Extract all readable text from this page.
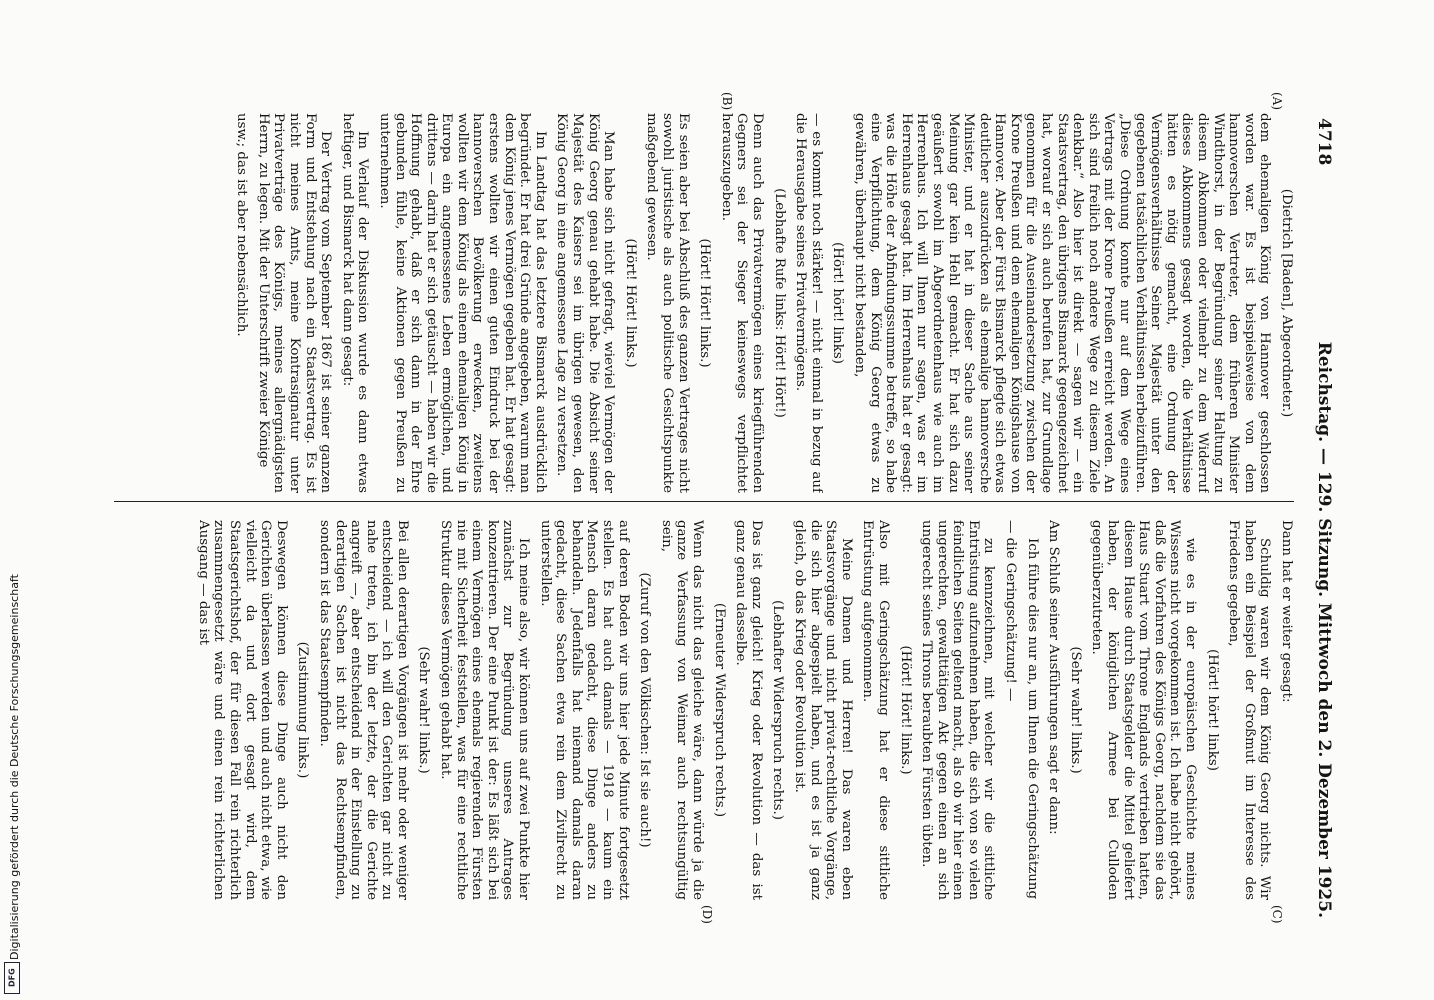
4718
Reichstag. — 129. Sitzung. Mittwoch den 2. Dezember 1925.
(A)
(B)
(C)
(D)

(Dietrich [Baden], Abgeordneter.)

dem ehemaligen König von Hannover geschlossen worden war. Es ist beispielsweise von dem hannoverschen Vertreter, dem früheren Minister Windthorst, in der Begründung seiner Haltung zu diesem Abkommen oder vielmehr zu dem Widerruf dieses Abkommens gesagt worden, die Verhältnisse hätten es nötig gemacht, eine Ordnung der Vermögensverhältnisse Seiner Majestät unter den gegebenen tatsächlichen Verhältnissen herbeizuführen. „Diese Ordnung konnte nur auf dem Wege eines Vertrags mit der Krone Preußen erreicht werden. An sich sind freilich noch andere Wege zu diesem Ziele denkbar.“ Also hier ist direkt — sagen wir — ein Staatsvertrag, den übrigens Bismarck gegengezeichnet hat, worauf er sich auch berufen hat, zur Grundlage genommen für die Auseinandersetzung zwischen der Krone Preußen und dem ehemaligen Königshause von Hannover. Aber der Fürst Bismarck pflegte sich etwas deutlicher auszudrücken als ehemalige hannoversche Minister, und er hat in dieser Sache aus seiner Meinung gar kein Hehl gemacht. Er hat sich dazu geäußert sowohl im Abgeordnetenhaus wie auch im Herrenhaus. Ich will Ihnen nur sagen, was er im Herrenhaus gesagt hat. Im Herrenhaus hat er gesagt: was die Höhe der Abfindungssumme betreffe, so habe eine Verpflichtung, dem König Georg etwas zu gewähren, überhaupt nicht bestanden,

(Hört! hört! links)

— es kommt noch stärker! — nicht einmal in bezug auf die Herausgabe seines Privatvermögens.

(Lebhafte Rufe links: Hört! Hört!)

Denn auch das Privatvermögen eines kriegführenden Gegners sei der Sieger keineswegs verpflichtet herauszugeben.

(Hört! Hört! links.)

Es seien aber bei Abschluß des ganzen Vertrages nicht sowohl juristische als auch politische Gesichtspunkte maßgebend gewesen.

(Hört! Hört! links.)

Man habe sich nicht gefragt, wieviel Vermögen der König Georg genau gehabt habe. Die Absicht seiner Majestät des Kaisers sei im übrigen gewesen, den König Georg in eine angemessene Lage zu versetzen.

Im Landtag hat das letztere Bismarck ausdrücklich begründet. Er hat drei Gründe angegeben, warum man dem König jenes Vermögen gegeben hat. Er hat gesagt: erstens wollten wir einen guten Eindruck bei der hannoverschen Bevölkerung erwecken, zweitens wollten wir dem König als einem ehemaligen König in Europa ein angemessenes Leben ermöglichen, und drittens — darin hat er sich getäuscht — haben wir die Hoffnung gehabt, daß er sich dann in der Ehre gebunden fühle, keine Aktionen gegen Preußen zu unternehmen.

Im Verlauf der Diskussion wurde es dann etwas heftiger, und Bismarck hat dann gesagt:

Der Vertrag vom September 1867 ist seiner ganzen Form und Entstehung nach ein Staatsvertrag. Es ist nicht meines Amts, meine Kontrasignatur unter Privatverträge des Königs, meines allergnädigsten Herrn, zu legen. Mit der Unterschrift zweier Könige

usw.; das ist aber nebensächlich.

Dann hat er weiter gesagt:

Schuldig waren wir dem König Georg nichts. Wir haben ein Beispiel der Großmut im Interesse des Friedens gegeben,

(Hört! hört! links)

wie es in der europäischen Geschichte meines Wissens nicht vorgekommen ist. Ich habe nicht gehört, daß die Vorfahren des Königs Georg, nachdem sie das Haus Stuart vom Throne Englands vertrieben hatten, diesem Hause durch Staatsgelder die Mittel geliefert haben, der königlichen Armee bei Culloden gegenüberzutreten.

(Sehr wahr! links.)

Am Schluß seiner Ausführungen sagt er dann:

Ich führe dies nur an, um Ihnen die Geringschätzung

— die Geringschätzung! —

zu kennzeichnen, mit welcher wir die sittliche Entrüstung aufzunehmen haben, die sich von so vielen feindlichen Seiten geltend macht, als ob wir hier einen ungerechten, gewalttätigen Akt gegen einen an sich ungerecht seines Throns beraubten Fürsten übten.

(Hört! Hört! links.)

Also mit Geringschätzung hat er diese sittliche Entrüstung aufgenommen.

Meine Damen und Herren! Das waren eben Staatsvorgänge und nicht privat-rechtliche Vorgänge, die sich hier abgespielt haben, und es ist ja ganz gleich, ob das Krieg oder Revolution ist.

(Lebhafter Widerspruch rechts.)

Das ist ganz gleich! Krieg oder Revolution — das ist ganz genau dasselbe.

(Erneuter Widerspruch rechts.)

Wenn das nicht das gleiche wäre, dann würde ja die ganze Verfassung von Weimar auch rechtsungültig sein,

(Zuruf von den Völkischen: Ist sie auch!)

auf deren Boden wir uns hier jede Minute fortgesetzt stellen. Es hat auch damals — 1918 — kaum ein Mensch daran gedacht, diese Dinge anders zu behandeln. Jedenfalls hat niemand damals daran gedacht, diese Sachen etwa rein dem Zivilrecht zu unterstellen.

Ich meine also, wir können uns auf zwei Punkte hier zunächst zur Begründung unseres Antrages konzentrieren. Der eine Punkt ist der: Es läßt sich bei einem Vermögen eines ehemals regierenden Fürsten nie mit Sicherheit feststellen, was für eine rechtliche Struktur dieses Vermögen gehabt hat.

(Sehr wahr! links.)

Bei allen derartigen Vorgängen ist mehr oder weniger entscheidend — ich will den Gerichten gar nicht zu nahe treten, ich bin der letzte, der die Gerichte angreift —, aber entscheidend in der Einstellung zu derartigen Sachen ist nicht das Rechtsempfinden, sondern ist das Staatsempfinden.

(Zustimmung links.)

Deswegen können diese Dinge auch nicht den Gerichten überlassen werden und auch nicht etwa, wie vielleicht da und dort gesagt wird, dem Staatsgerichtshof, der für diesen Fall rein richterlich zusammengesetzt wäre und einen rein richterlichen Ausgang — das ist

Digitalisierung gefördert durch die Deutsche Forschungsgemeinschaft
DFG
